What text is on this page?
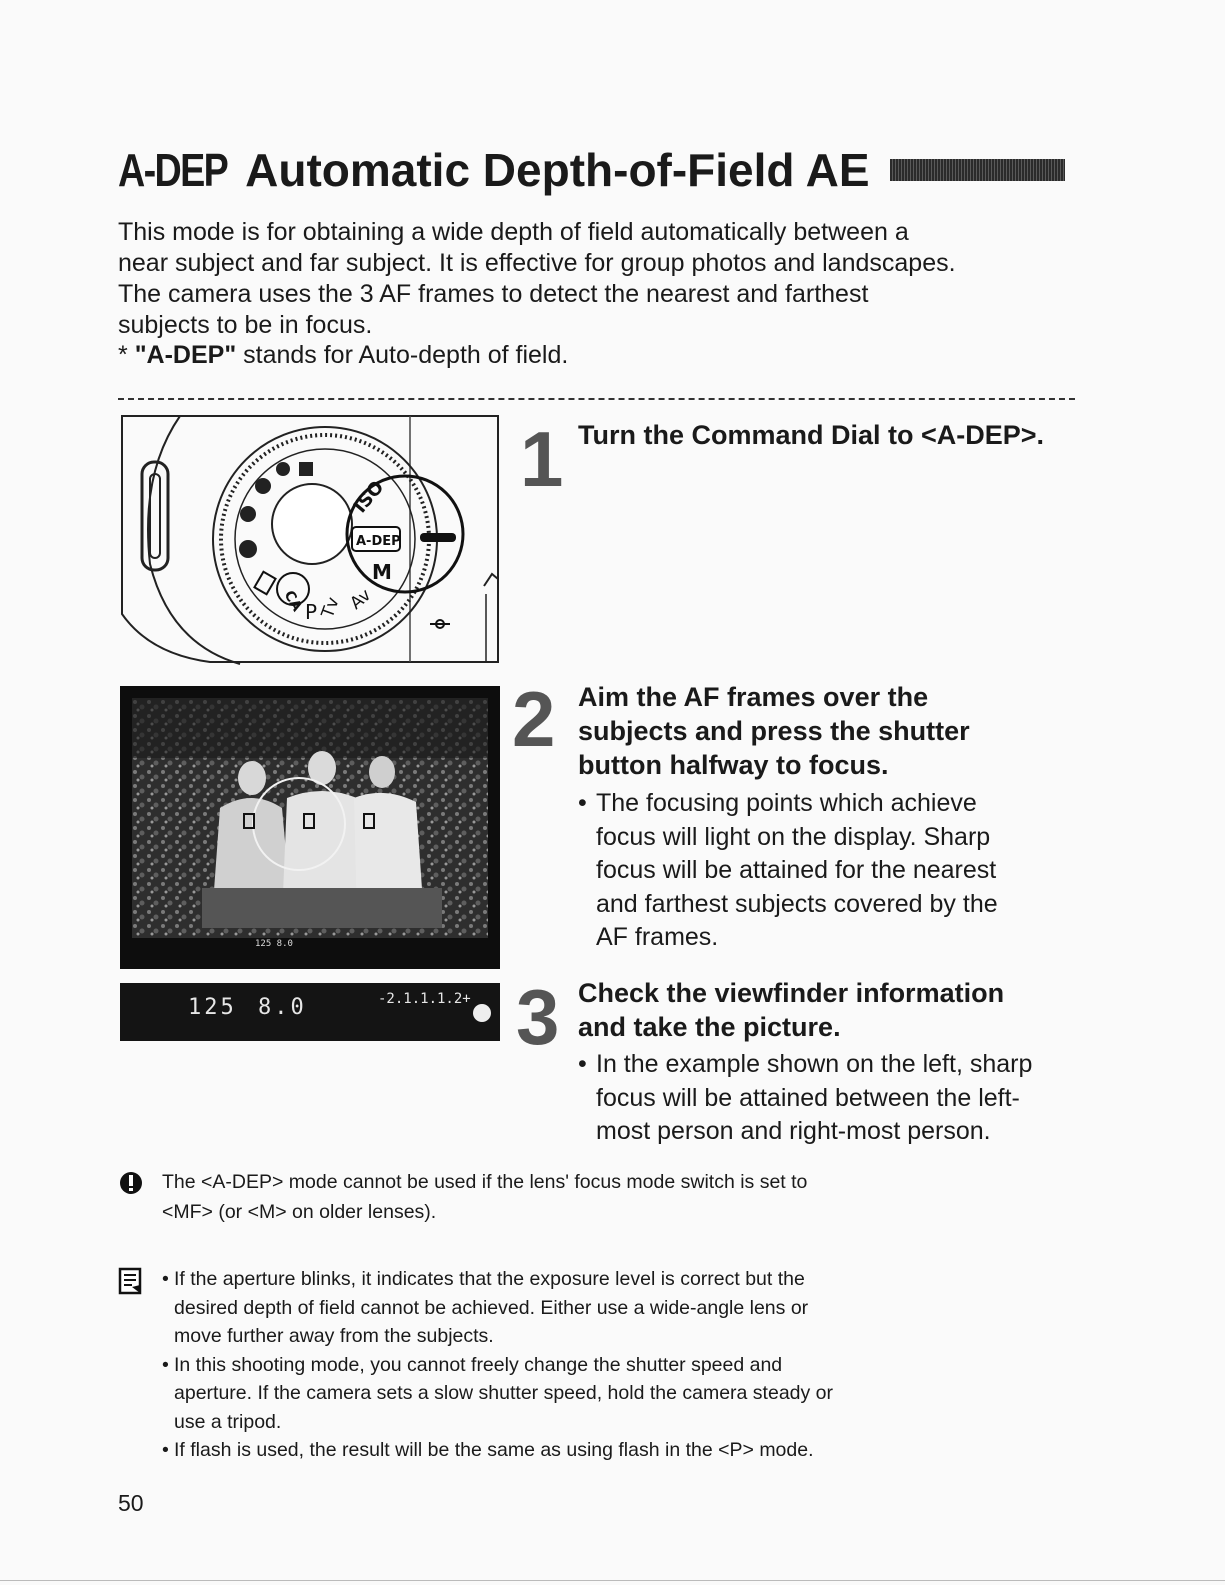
A-DEP Automatic Depth-of-Field AE

This mode is for obtaining a wide depth of field automatically between a

near subject and far subject. It is effective for group photos and landscapes.

The camera uses the 3 AF frames to detect the nearest and farthest

subjects to be in focus.

* "A-DEP" stands for Auto-depth of field.
ISO
A-DEP
M
Av
Tv
P
CA
125 8.0
125 8.0	-2.1.1.1.2+
1 Turn the Command Dial to <A-DEP>.
2 Aim the AF frames over the
subjects and press the shutter
button halfway to focus.
• The focusing points which achieve
focus will light on the display. Sharp
focus will be attained for the nearest
and farthest subjects covered by the
AF frames.
3 Check the viewfinder information
and take the picture.
• In the example shown on the left, sharp
focus will be attained between the left-
most person and right-most person.
The <A-DEP> mode cannot be used if the lens' focus mode switch is set to
<MF> (or <M> on older lenses).
• If the aperture blinks, it indicates that the exposure level is correct but the
desired depth of field cannot be achieved. Either use a wide-angle lens or
move further away from the subjects.
• In this shooting mode, you cannot freely change the shutter speed and
aperture. If the camera sets a slow shutter speed, hold the camera steady or
use a tripod.
• If flash is used, the result will be the same as using flash in the <P> mode.
50
